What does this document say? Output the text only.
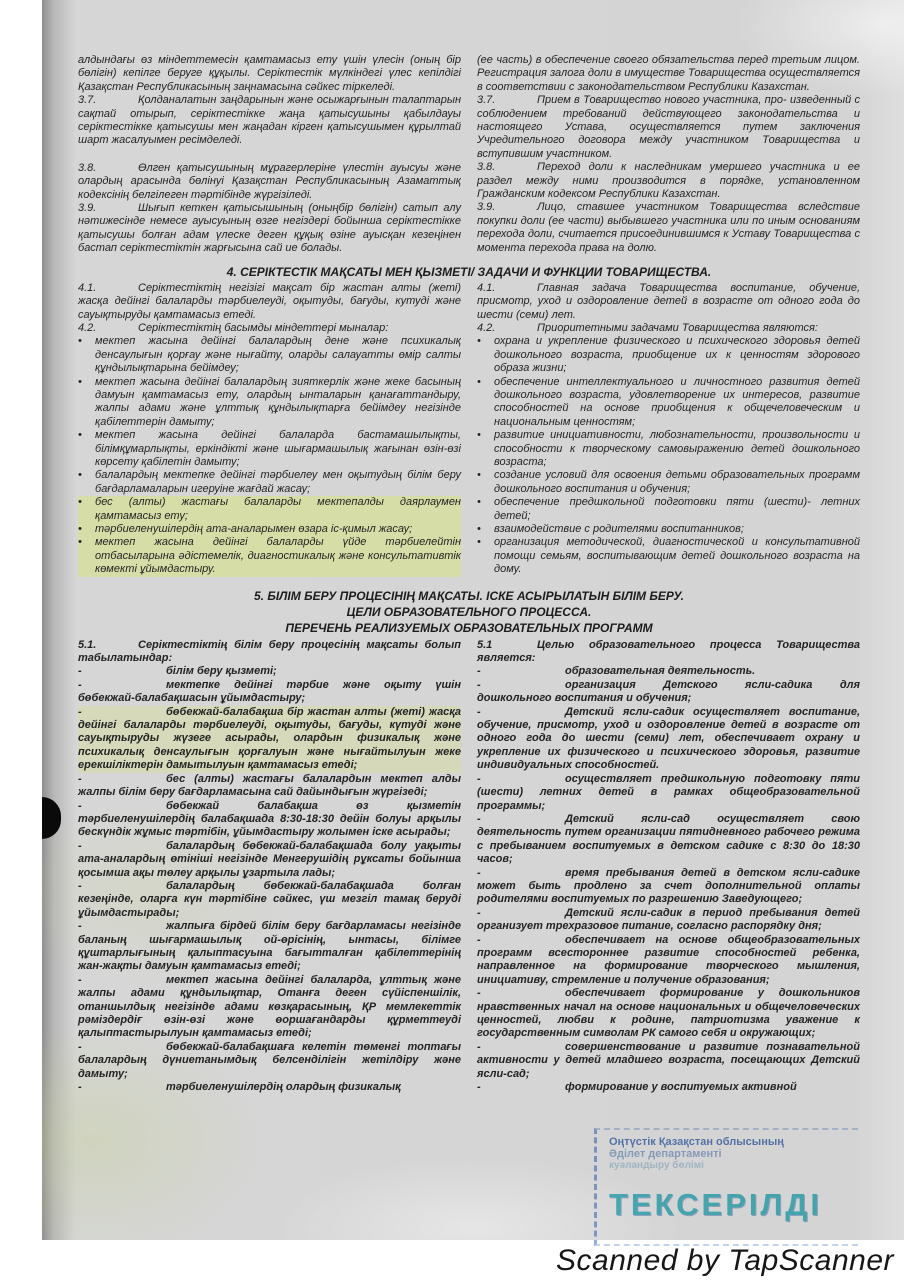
алдындағы өз міндеттемесін қамтамасыз ету үшін үлесін (оның бір бөлігін) кепілге беруге құқылы. Серіктестік мүлкіндегі үлес кепілдігі Қазақстан Республикасының заңнамасына сәйкес тіркеледі.

3.7.	Қолданалатын заңдарынын және осыжарғынын талаптарын сақтай отырып, серіктестікке жаңа қатысушыны қабылдауы серіктестікке қатысушы мен жаңадан кірген қатысушымен құрылтай шарт жасалуымен ресімделеді.

3.8.	Өлген қатысушының мұрагерлеріне үлестін ауысуы және олардың арасында бөлінуі Қазақстан Республикасының Азаматтық кодексінің белгілеген тәртібінде жүргізіледі.

3.9.	Шығып кеткен қатысышының (оныңбір бөлігін) сатып алу нәтижесінде немесе ауысуының өзге негіздері бойынша серіктестікке қатысушы болған адам үлеске деген құқық өзіне ауысқан кезеңінен бастап серіктестіктін жарғысына сай ие болады.

(ее часть) в обеспечение своего обязательства перед третьим лицом. Регистрация залога доли в имуществе Товарищества осуществляется в соответствии с законодательством Республики Казахстан.

3.7.	Прием в Товарищество нового участника, про- изведенный с соблюдением требований действующего законодательства и настоящего Устава, осуществляется путем заключения Учредительного договора между участником Товарищества и вступившим участником.

3.8.	Переход доли к наследникам умершего участника и ее раздел между ними производится в порядке, установленном Гражданским кодексом Республики Казахстан.

3.9.	Лицо, ставшее участником Товарищества вследствие покупки доли (ее части) выбывшего участника или по иным основаниям перехода доли, считается присоединившимся к Уставу Товарищества с момента перехода права на долю.

4. СЕРІКТЕСТІК МАҚСАТЫ МЕН ҚЫЗМЕТІ/ ЗАДАЧИ И ФУНКЦИИ ТОВАРИЩЕСТВА.

4.1.	Серіктестіктің негізігі мақсат бір жастан алты (жеті) жасқа дейінгі балаларды тәрбиелеуді, оқытуды, бағуды, кутуді және сауықтыруды қамтамасыз етеді.

4.2.	Серіктестіктің басымды міндеттері мыналар:

• мектеп жасына дейінгі балалардың дене және психикалық денсаулығын қорғау және нығайту, оларды салауатты өмір салты құндылықтарына бейімдеу;

• мектеп жасына дейінгі балалардың зияткерлік және жеке басының дамуын қамтамасыз ету, олардың ынталарын қанағаттандыру, жалпы адами және ұлттық құндылықтарға бейімдеу негізінде қабілеттерін дамыту;

• мектеп жасына дейінгі балаларда бастамашылықты, білімқұмарлықты, еркіндікті және шығармашылық жағынан өзін-өзі көрсету қабілетін дамыту;

• балалардың мектепке дейінгі тәрбиелеу мен оқытудың білім беру бағдарламаларын игеруіне жағдай жасау;

• бес (алты) жастағы балаларды мектепалды даярлаумен қамтамасыз ету;

• тәрбиеленушілердің ата-аналарымен өзара іс-қимыл жасау;

• мектеп жасына дейінгі балаларды үйде тәрбиелейтін отбасыларына әдістемелік, диагностикалық және консультативтік көмекті ұйымдастыру.

4.1.	Главная задача Товарищества воспитание, обучение, присмотр, уход и оздоровление детей в возрасте от одного года до шести (семи) лет.

4.2.	Приоритетными задачами Товарищества являются:

• охрана и укрепление физического и психического здоровья детей дошкольного возраста, приобщение их к ценностям здорового образа жизни;

• обеспечение интеллектуального и личностного развития детей дошкольного возраста, удовлетворение их интересов, развитие способностей на основе приобщения к общечеловеческим и национальным ценностям;

• развитие инициативности, любознательности, произвольности и способности к творческому самовыражению детей дошкольного возраста;

• создание условий для освоения детьми образовательных программ дошкольного воспитания и обучения;

• обеспечение предшкольной подготовки пяти (шести)- летних детей;

• взаимодействие с родителями воспитанников;

• организация методической, диагностической и консультативной помощи семьям, воспитывающим детей дошкольного возраста на дому.

5. БІЛІМ БЕРУ ПРОЦЕСІНІҢ МАҚСАТЫ. ІСКЕ АСЫРЫЛАТЫН БІЛІМ БЕРУ.

ЦЕЛИ ОБРАЗОВАТЕЛЬНОГО ПРОЦЕССА.

ПЕРЕЧЕНЬ РЕАЛИЗУЕМЫХ ОБРАЗОВАТЕЛЬНЫХ ПРОГРАММ

5.1.	Серіктестіктің білім беру процесінің мақсаты болып табылатындар:

- білім беру қызметі;

- мектепке дейінгі тәрбие және оқыту үшін бөбекжай-балабақшасын ұйымдастыру;

- бөбекжай-балабақша бір жастан алты (жеті) жасқа дейінгі балаларды тәрбиелеуді, оқытуды, бағуды, күтуді және сауықтыруды жүзеге асырады, олардын физикалық және психикалық денсаулығын қорғалуын және нығайтылуын жеке ерекшіліктерін дамытылуын қамтамасыз етеді;

- бес (алты) жастағы балалардын мектеп алды жалпы білім беру бағдарламасына сай дайындығын жүргізеді;

- бөбекжай балабақша өз қызметін тәрбиеленушілердің балабақшада 8:30-18:30 дейін болуы арқылы бескүндік жұмыс тәртібін, ұйымдастыру жолымен іске асырады;

- балалардың бөбекжай-балабақшада болу уақыты ата-аналардың өтініші негізінде Менгерушідің рұксаты бойынша қосымша ақы төлеу арқылы ұзартыла лады;

- балалардың бөбекжай-балабақшада болған кезеңінде, оларға күн тәртібіне сәйкес, үш мезгіл тамақ беруді ұйымдастырады;

- жалпыға бірдей білім беру бағдарламасы негізінде баланың шығармашылық ой-өрісінің, ынтасы, білімге құштарлығының қалыптасуына бағытталған қабілеттерінің жан-жақты дамуын қамтамасыз етеді;

- мектеп жасына дейінгі балаларда, ұлттық және жалпы адами құндылықтар, Отанға деген сүйіспеншілік, отаншылдық негізінде адами көзқарасының, ҚР мемлекеттік рәміздердіғ өзін-өзі және өоршағандарды құрметтеуді қалыптастырылуын қамтамасыз етеді;

- бөбекжай-балабақшаға келетін төменгі топтағы балалардың дүниетанымдық белсенділігін жетілдіру және дамыту;

- тәрбиеленушілердің олардың физикалық

5.1	Целью образовательного процесса Товарищества является:

- образовательная деятельность.

- организация Детского ясли-садика для дошкольного воспитания и обучения;

- Детский ясли-садик осуществляет воспитание, обучение, присмотр, уход и оздоровление детей в возрасте от одного года до шести (семи) лет, обеспечивает охрану и укрепление их физического и психического здоровья, развитие индивидуальных способностей.

- осуществляет предшкольную подготовку пяти (шести) летних детей в рамках общеобразовательной программы;

- Детский ясли-сад осуществляет свою деятельность путем организации пятидневного рабочего режима с пребыванием воспитуемых в детском садике с 8:30 до 18:30 часов;

- время пребывания детей в детском ясли-садике может быть продлено за счет дополнительной оплаты родителями воспитуемых по разрешению Заведующего;

- Детский ясли-садик в период пребывания детей организует трехразовое питание, согласно распорядку дня;

- обеспечивает на основе общеобразовательных программ всестороннее развитие способностей ребенка, направленное на формирование творческого мышления, инициативу, стремление и получение образования;

- обеспечивает формирование у дошкольников нравственных начал на основе национальных и общечеловеческих ценностей, любви к родине, патриотизма уважение к государственным символам РК самого себя и окружающих;

- совершенствование и развитие познавательной активности у детей младшего возраста, посещающих Детский ясли-сад;

- формирование у воспитуемых активной

Оңтүстік Қазақстан облысының
Әділет департаменті
куәландыру бөлімі
ТЕКСЕРІЛДІ
Scanned by TapScanner
